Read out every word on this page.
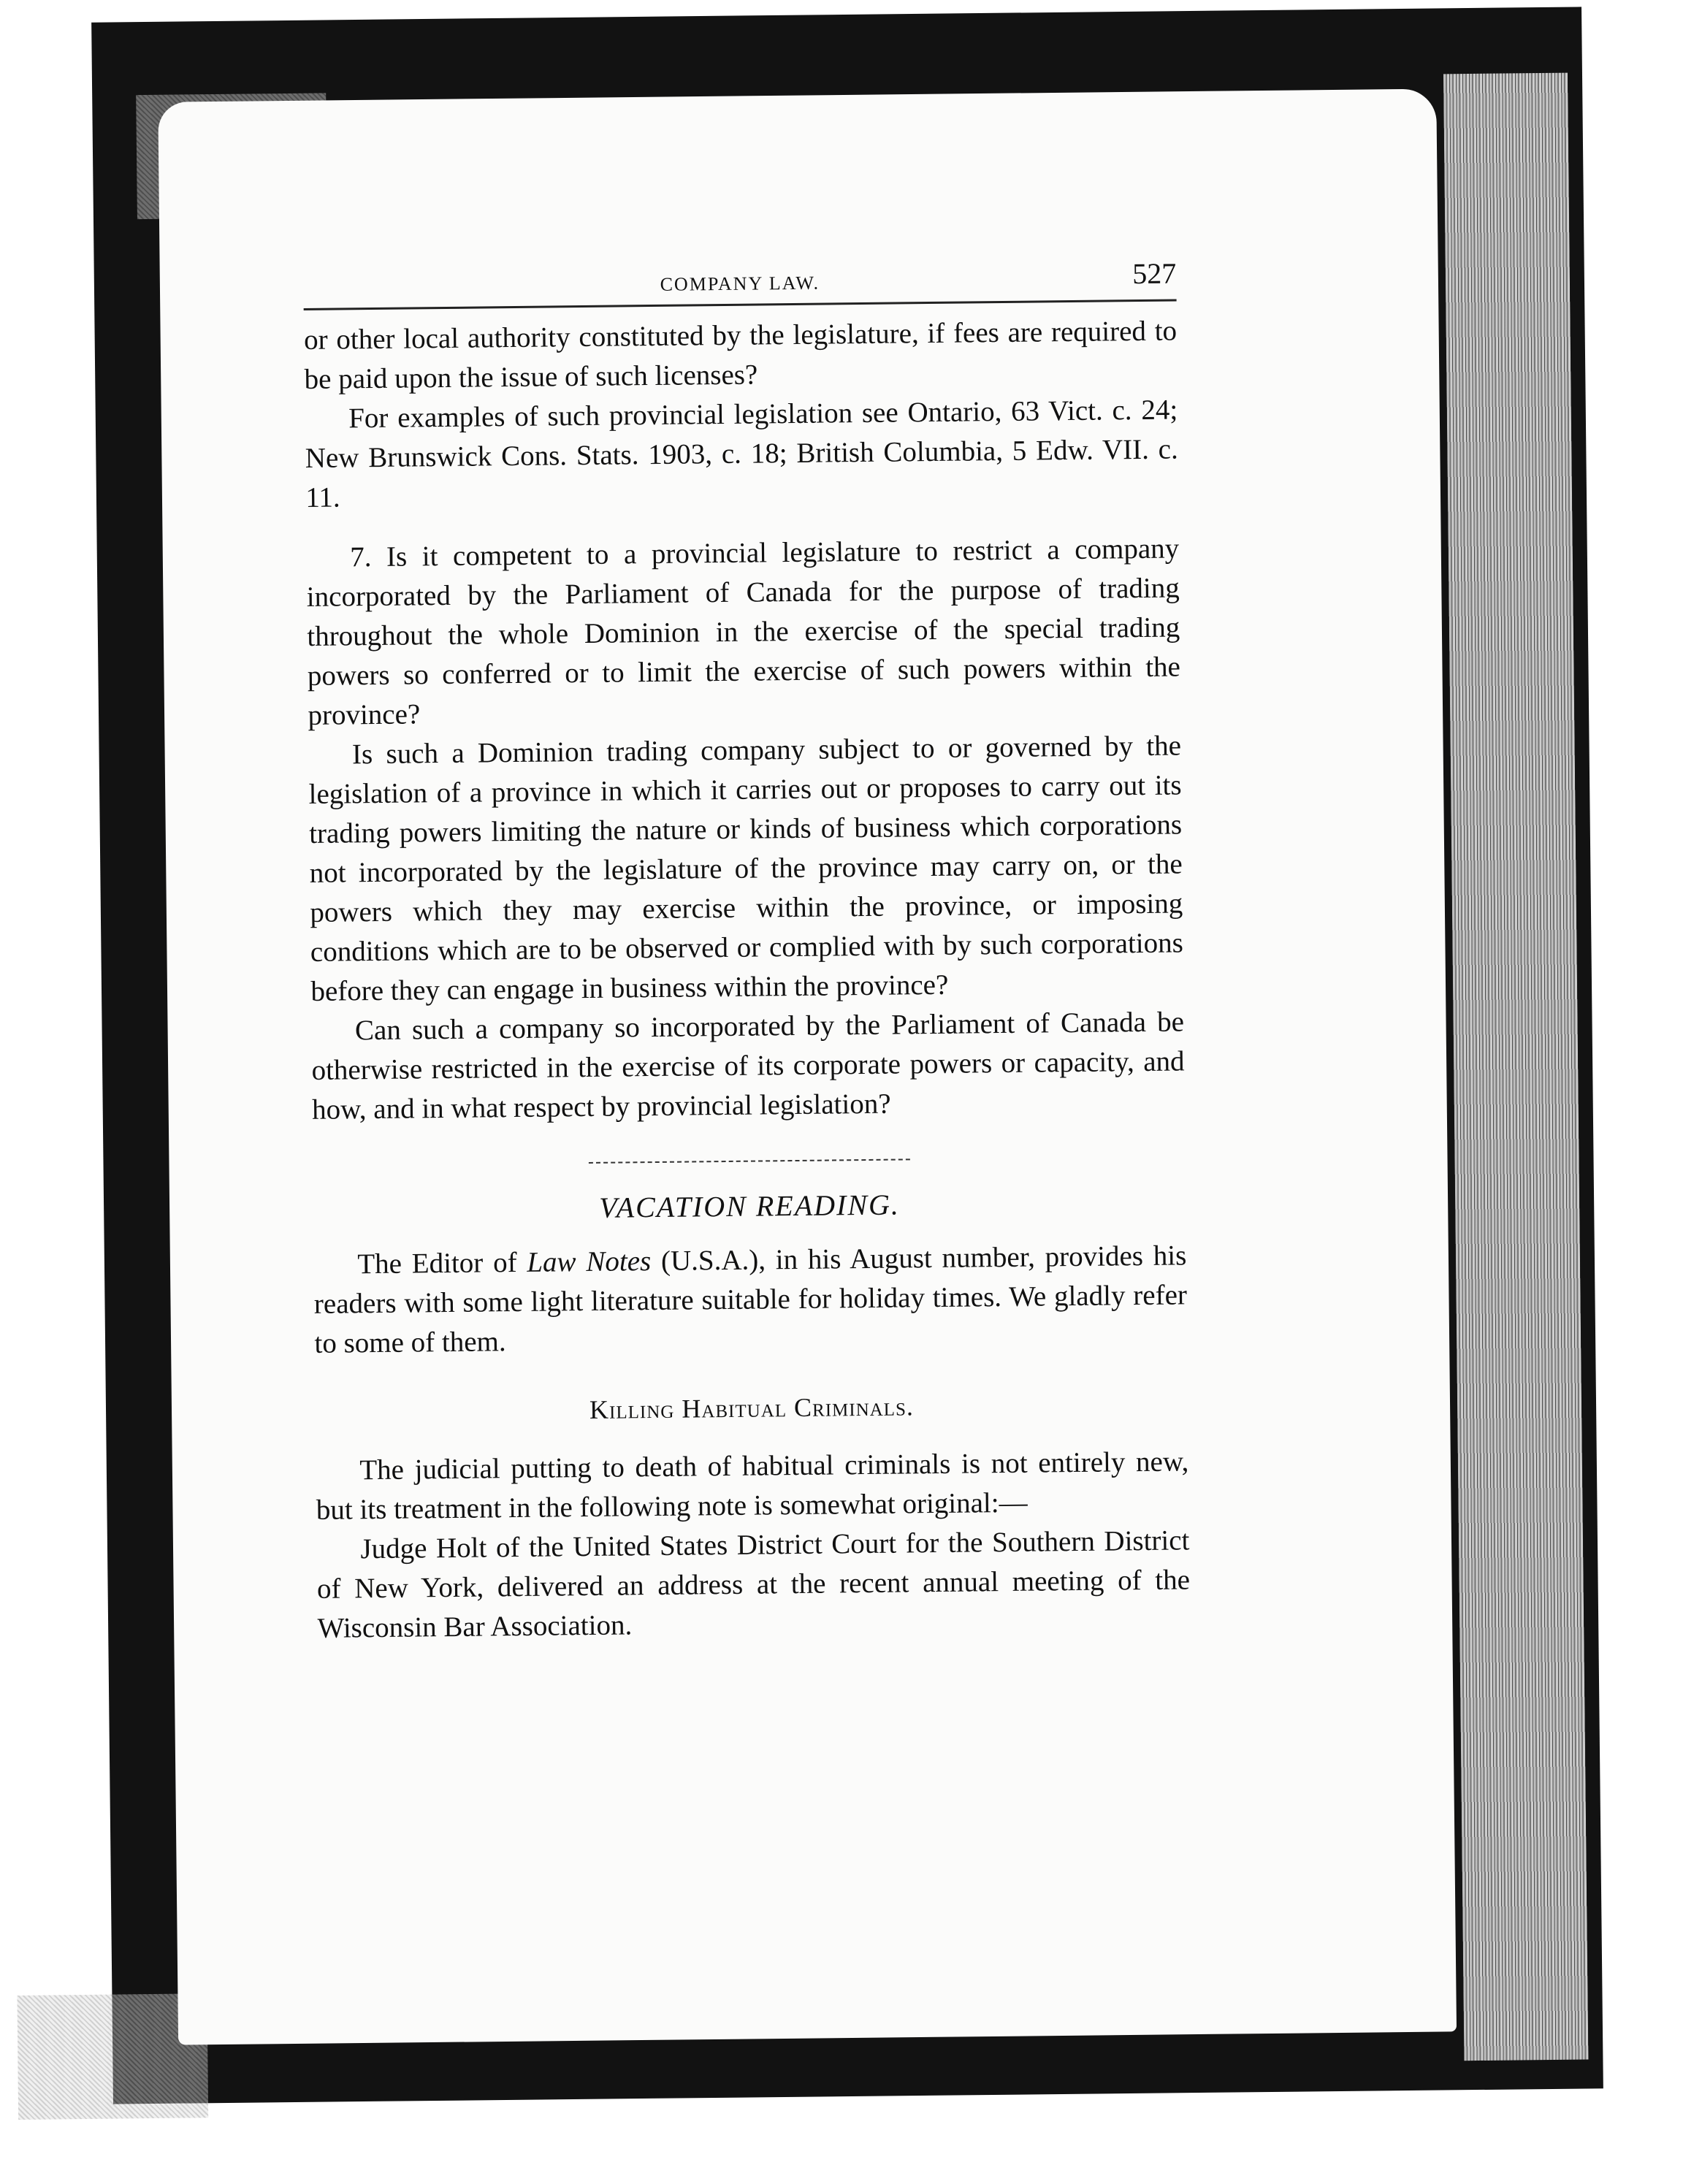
COMPANY LAW.	527

or other local authority constituted by the legislature, if fees are required to be paid upon the issue of such licenses?

For examples of such provincial legislation see Ontario, 63 Vict. c. 24; New Brunswick Cons. Stats. 1903, c. 18; British Columbia, 5 Edw. VII. c. 11.

7. Is it competent to a provincial legislature to restrict a company incorporated by the Parliament of Canada for the purpose of trading throughout the whole Dominion in the exercise of the special trading powers so conferred or to limit the exercise of such powers within the province?

Is such a Dominion trading company subject to or governed by the legislation of a province in which it carries out or proposes to carry out its trading powers limiting the nature or kinds of business which corporations not incorporated by the legislature of the province may carry on, or the powers which they may exercise within the province, or imposing conditions which are to be observed or complied with by such corporations before they can engage in business within the province?

Can such a company so incorporated by the Parliament of Canada be otherwise restricted in the exercise of its corporate powers or capacity, and how, and in what respect by provincial legislation?

VACATION READING.

The Editor of Law Notes (U.S.A.), in his August number, provides his readers with some light literature suitable for holiday times. We gladly refer to some of them.

Killing Habitual Criminals.

The judicial putting to death of habitual criminals is not entirely new, but its treatment in the following note is somewhat original:—

Judge Holt of the United States District Court for the Southern District of New York, delivered an address at the recent annual meeting of the Wisconsin Bar Association.
